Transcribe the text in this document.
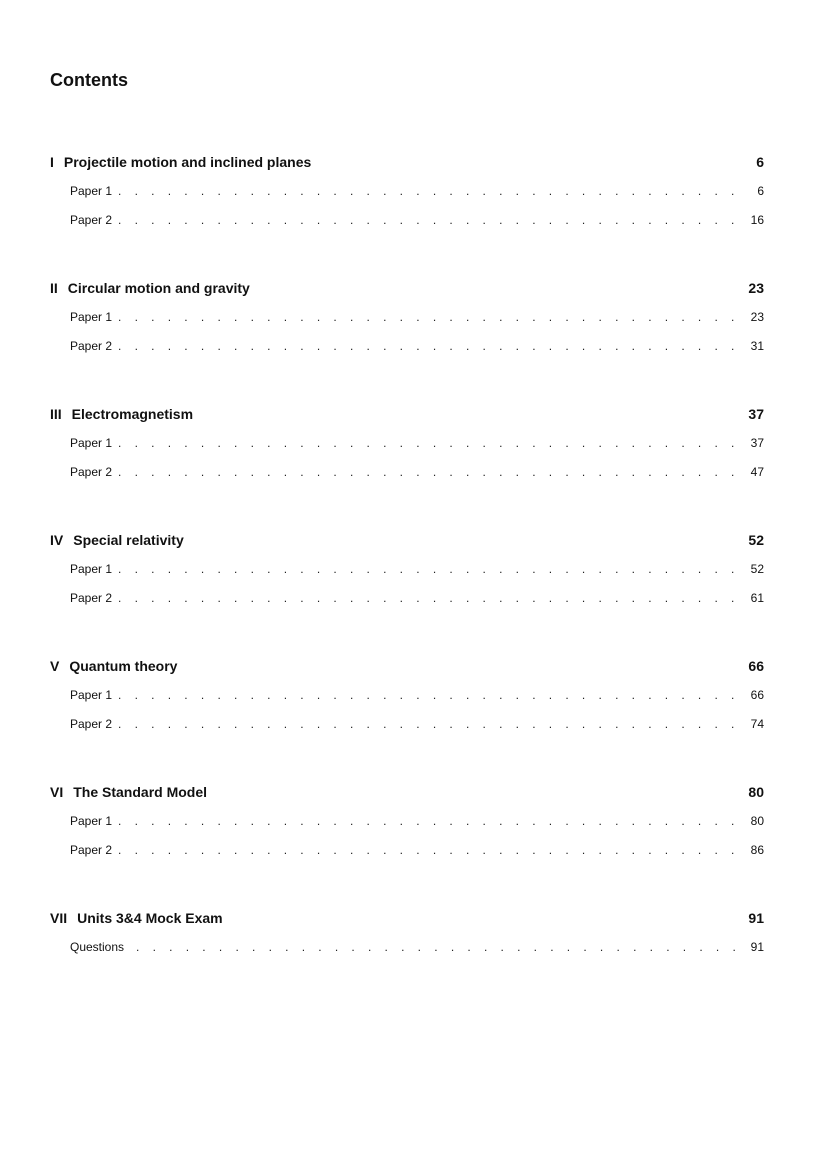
Contents
I Projectile motion and inclined planes	6
Paper 1 . . .	6
Paper 2 . . .	16
II Circular motion and gravity	23
Paper 1 . . .	23
Paper 2 . . .	31
III Electromagnetism	37
Paper 1 . . .	37
Paper 2 . . .	47
IV Special relativity	52
Paper 1 . . .	52
Paper 2 . . .	61
V Quantum theory	66
Paper 1 . . .	66
Paper 2 . . .	74
VI The Standard Model	80
Paper 1 . . .	80
Paper 2 . . .	86
VII Units 3&4 Mock Exam	91
Questions . . .	91
